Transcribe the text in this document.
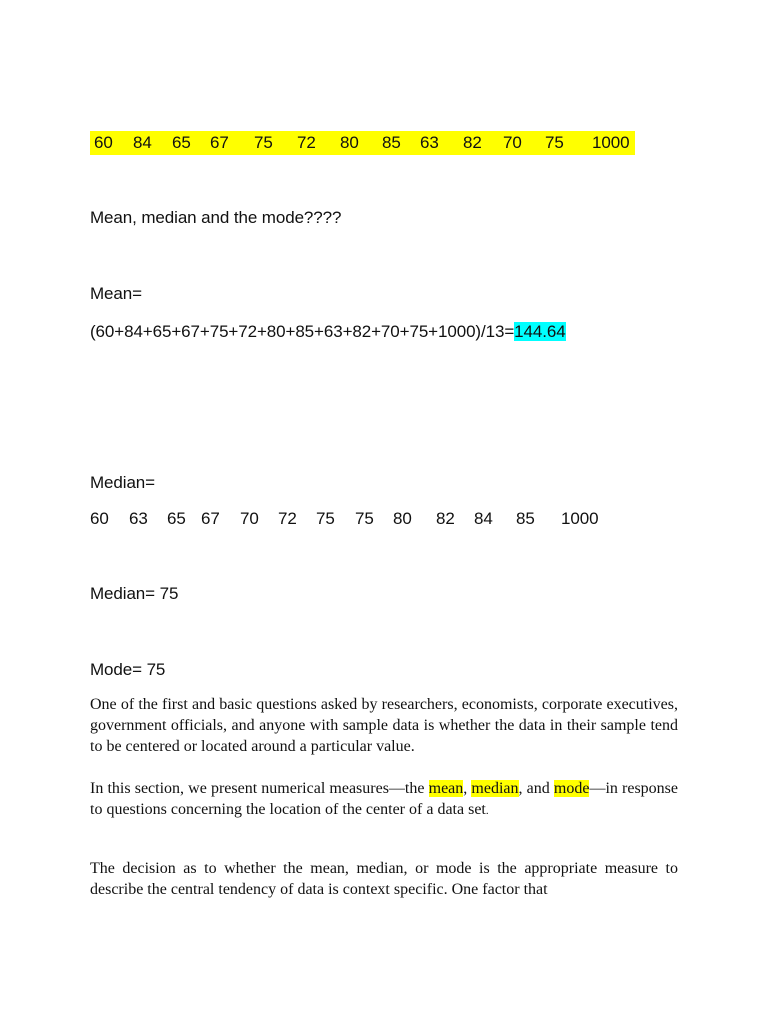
60 84 65 67 75 72 80 85 63 82 70 75 1000
Mean, median and the mode????
Mean=
(60+84+65+67+75+72+80+85+63+82+70+75+1000)/13=144.64
Median=
60 63 65 67 70 72 75 75 80 82 84 85 1000
Median= 75
Mode= 75
One of the first and basic questions asked by researchers, economists, corporate executives, government officials, and anyone with sample data is whether the data in their sample tend to be centered or located around a particular value.
In this section, we present numerical measures—the mean, median, and mode—in response to questions concerning the location of the center of a data set.
The decision as to whether the mean, median, or mode is the appropriate measure to describe the central tendency of data is context specific. One factor that
